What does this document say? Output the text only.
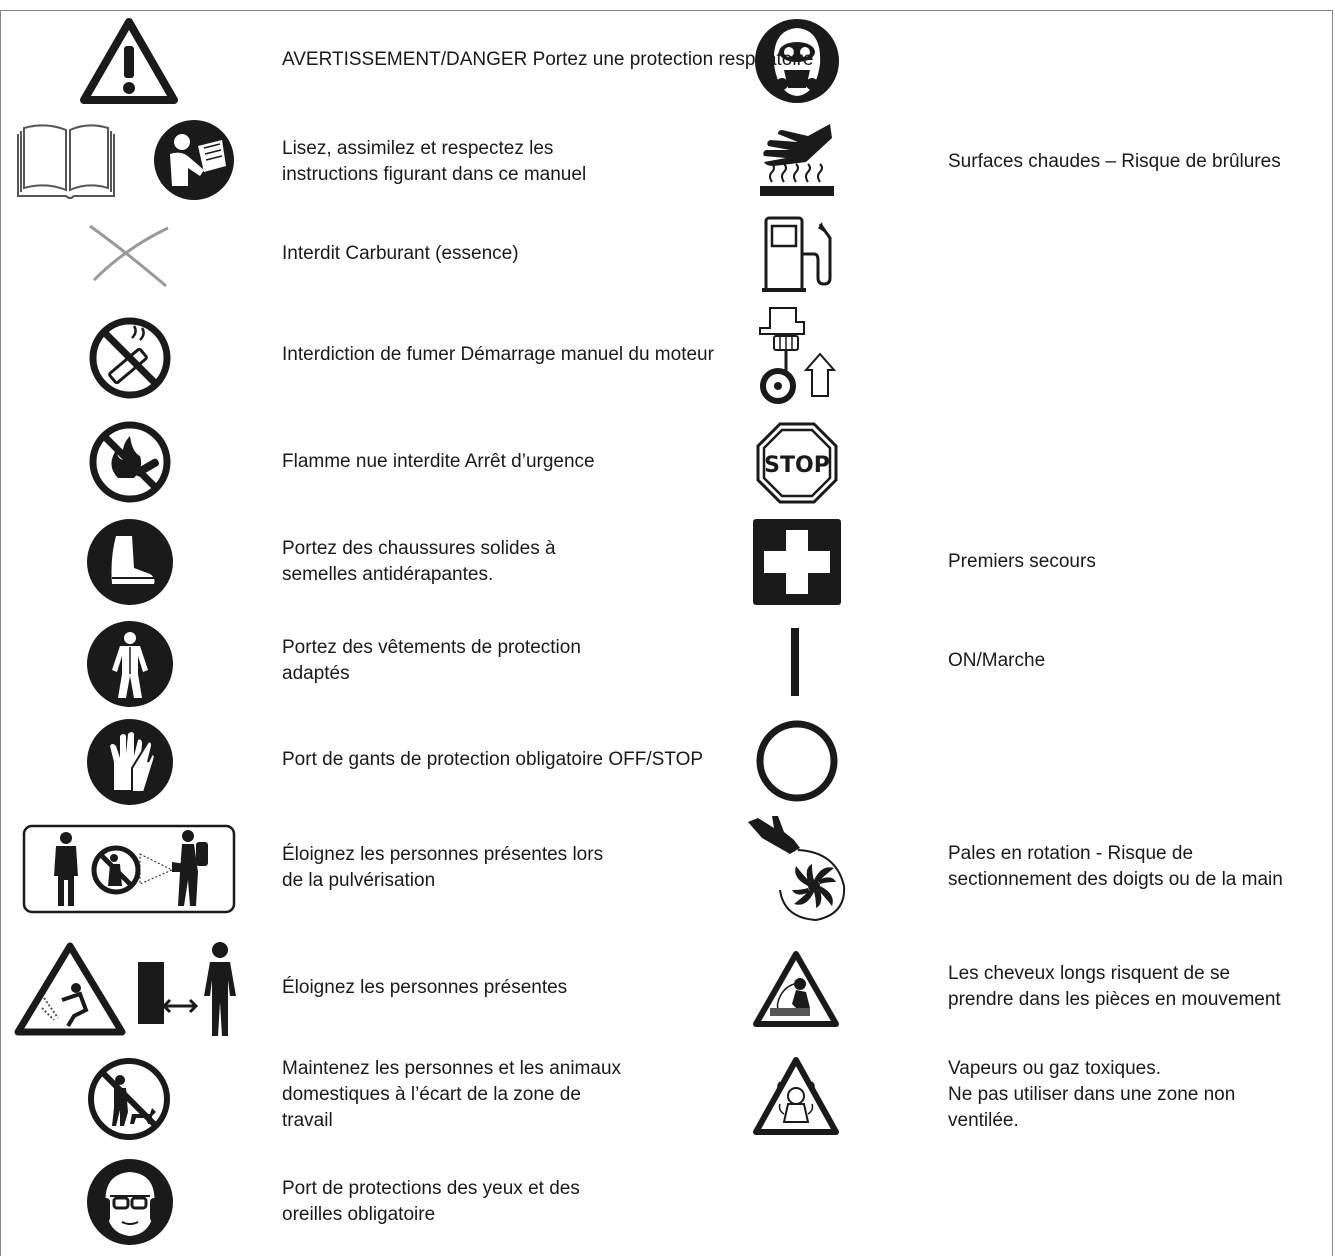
STOP
AVERTISSEMENT/DANGER Portez une protection respiratoire
Lisez, assimilez et respectez les
instructions figurant dans ce manuel
Interdit Carburant (essence)
Interdiction de fumer Démarrage manuel du moteur
Flamme nue interdite Arrêt d’urgence
Portez des chaussures solides à
semelles antidérapantes.
Portez des vêtements de protection
adaptés
Port de gants de protection obligatoire OFF/STOP
Éloignez les personnes présentes lors
de la pulvérisation
Éloignez les personnes présentes
Maintenez les personnes et les animaux
domestiques à l’écart de la zone de
travail
Port de protections des yeux et des
oreilles obligatoire
Surfaces chaudes – Risque de brûlures
Premiers secours
ON/Marche
Pales en rotation - Risque de
sectionnement des doigts ou de la main
Les cheveux longs risquent de se
prendre dans les pièces en mouvement
Vapeurs ou gaz toxiques.
Ne pas utiliser dans une zone non
ventilée.
